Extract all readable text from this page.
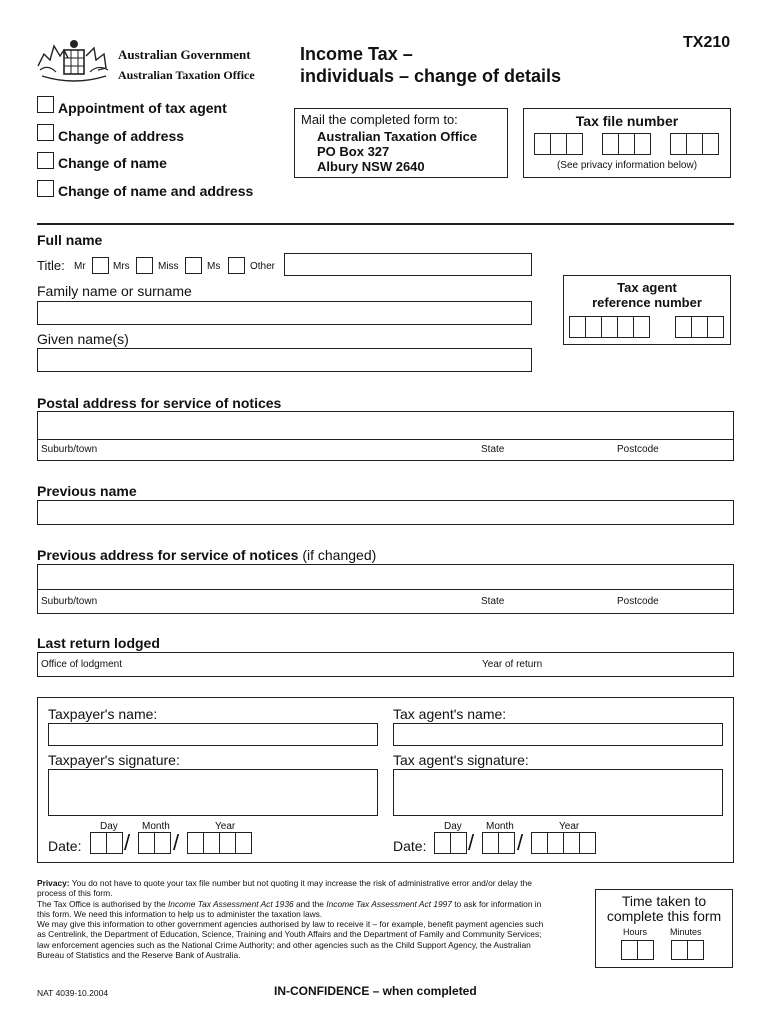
Australian Government
Australian Taxation Office
Income Tax –
individuals – change of details
TX210
Appointment of tax agent
Change of address
Change of name
Change of name and address
Mail the completed form to:
Australian Taxation Office
PO Box 327
Albury NSW 2640
Tax file number
(See privacy information below)
Full name
Title: Mr	Mrs	Miss	Ms	Other
Family name or surname
Given name(s)
Tax agent
reference number
Postal address for service of notices
Suburb/town	State	Postcode
Previous name
Previous address for service of notices (if changed)
Suburb/town	State	Postcode
Last return lodged
Office of lodgment	Year of return
Taxpayer's name:	Tax agent's name:
Taxpayer's signature:	Tax agent's signature:
Day Month	Year
Date: / /
Day Month	Year
Date: / /
Privacy: You do not have to quote your tax file number but not quoting it may increase the risk of administrative error and/or delay the process of this form.
The Tax Office is authorised by the Income Tax Assessment Act 1936 and the Income Tax Assessment Act 1997 to ask for information in this form. We need this information to help us to administer the taxation laws.
We may give this information to other government agencies authorised by law to receive it – for example, benefit payment agencies such as Centrelink, the Department of Education, Science, Training and Youth Affairs and the Department of Family and Community Services; law enforcement agencies such as the National Crime Authority; and other agencies such as the Child Support Agency, the Australian Bureau of Statistics and the Reserve Bank of Australia.
Time taken to
complete this form
Hours	Minutes
NAT 4039-10.2004	IN-CONFIDENCE – when completed
